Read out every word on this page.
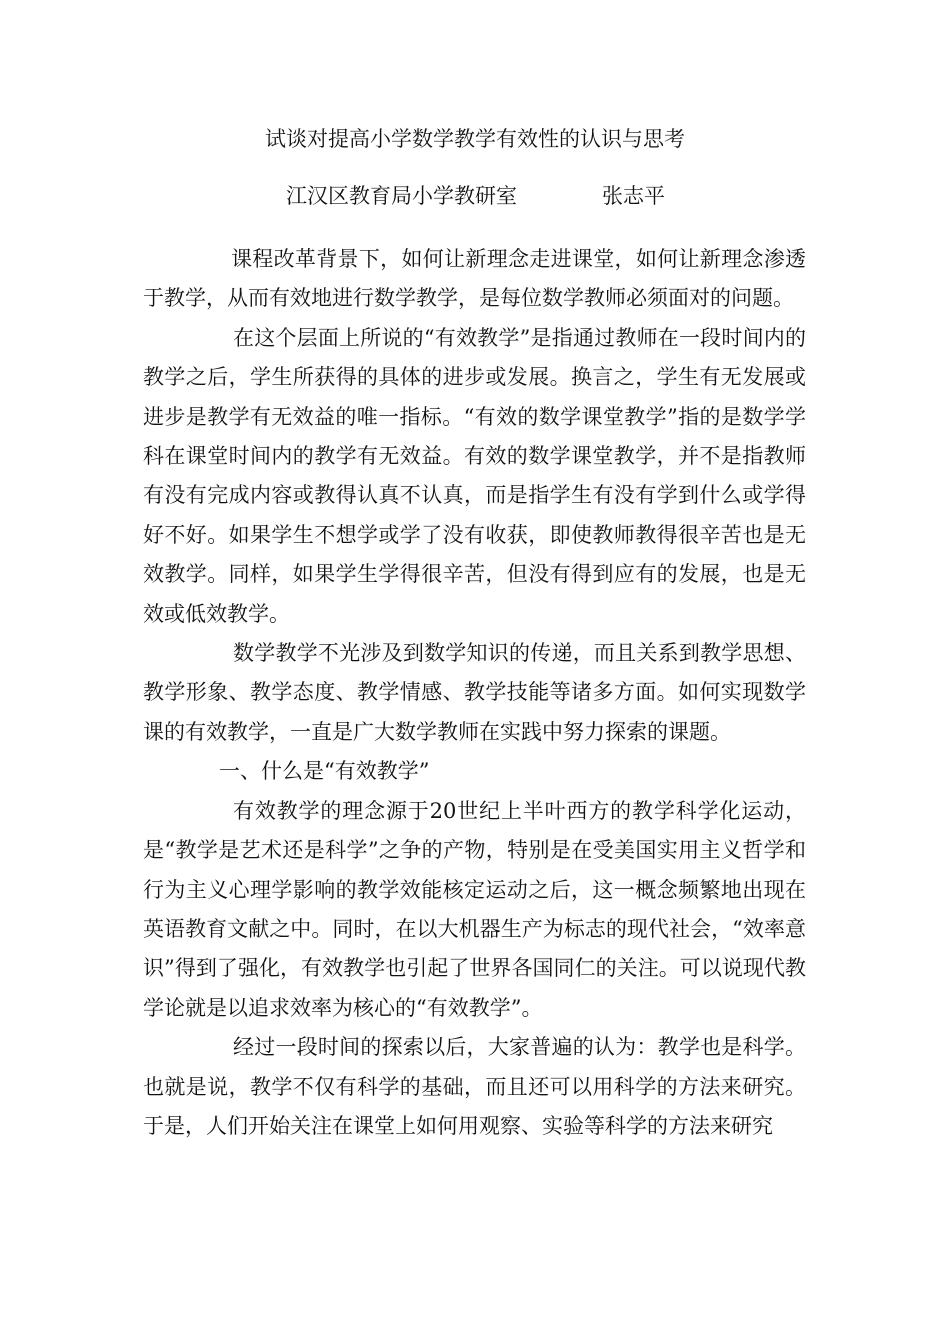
试谈对提高小学数学教学有效性的认识与思考
江汉区教育局小学教研室	张志平

课程改革背景下，如何让新理念走进课堂，如何让新理念渗透于教学，从而有效地进行数学教学，是每位数学教师必须面对的问题。

在这个层面上所说的“有效教学”是指通过教师在一段时间内的教学之后，学生所获得的具体的进步或发展。换言之，学生有无发展或进步是教学有无效益的唯一指标。“有效的数学课堂教学”指的是数学学科在课堂时间内的教学有无效益。有效的数学课堂教学，并不是指教师有没有完成内容或教得认真不认真，而是指学生有没有学到什么或学得好不好。如果学生不想学或学了没有收获，即使教师教得很辛苦也是无效教学。同样，如果学生学得很辛苦，但没有得到应有的发展，也是无效或低效教学。

数学教学不光涉及到数学知识的传递，而且关系到教学思想、教学形象、教学态度、教学情感、教学技能等诸多方面。如何实现数学课的有效教学，一直是广大数学教师在实践中努力探索的课题。

一、什么是“有效教学”

有效教学的理念源于20世纪上半叶西方的教学科学化运动，是“教学是艺术还是科学”之争的产物，特别是在受美国实用主义哲学和行为主义心理学影响的教学效能核定运动之后，这一概念频繁地出现在英语教育文献之中。同时，在以大机器生产为标志的现代社会，“效率意识”得到了强化，有效教学也引起了世界各国同仁的关注。可以说现代教学论就是以追求效率为核心的“有效教学”。

经过一段时间的探索以后，大家普遍的认为：教学也是科学。也就是说，教学不仅有科学的基础，而且还可以用科学的方法来研究。于是，人们开始关注在课堂上如何用观察、实验等科学的方法来研究
